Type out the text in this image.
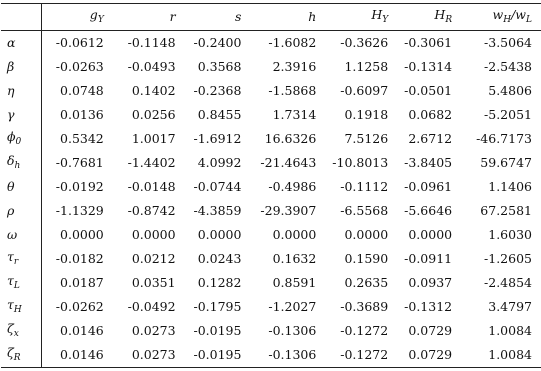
	$g_Y$	r	s	h	$H_Y$	$H_R$	$w_H/w_L$
α	-0.0612	-0.1148	-0.2400	-1.6082	-0.3626	-0.3061	-3.5064
β	-0.0263	-0.0493	0.3568	2.3916	1.1258	-0.1314	-2.5438
η	0.0748	0.1402	-0.2368	-1.5868	-0.6097	-0.0501	5.4806
γ	0.0136	0.0256	0.8455	1.7314	0.1918	0.0682	-5.2051
$\phi_0$	0.5342	1.0017	-1.6912	16.6326	7.5126	2.6712	-46.7173
$\delta_h$	-0.7681	-1.4402	4.0992	-21.4643	-10.8013	-3.8405	59.6747
θ	-0.0192	-0.0148	-0.0744	-0.4986	-0.1112	-0.0961	1.1406
ρ	-1.1329	-0.8742	-4.3859	-29.3907	-6.5568	-5.6646	67.2581
ω	0.0000	0.0000	0.0000	0.0000	0.0000	0.0000	1.6030
$\tau_r$	-0.0182	0.0212	0.0243	0.1632	0.1590	-0.0911	-1.2605
$\tau_L$	0.0187	0.0351	0.1282	0.8591	0.2635	0.0937	-2.4854
$\tau_H$	-0.0262	-0.0492	-0.1795	-1.2027	-0.3689	-0.1312	3.4797
$\zeta_x$	0.0146	0.0273	-0.0195	-0.1306	-0.1272	0.0729	1.0084
$\zeta_R$	0.0146	0.0273	-0.0195	-0.1306	-0.1272	0.0729	1.0084
